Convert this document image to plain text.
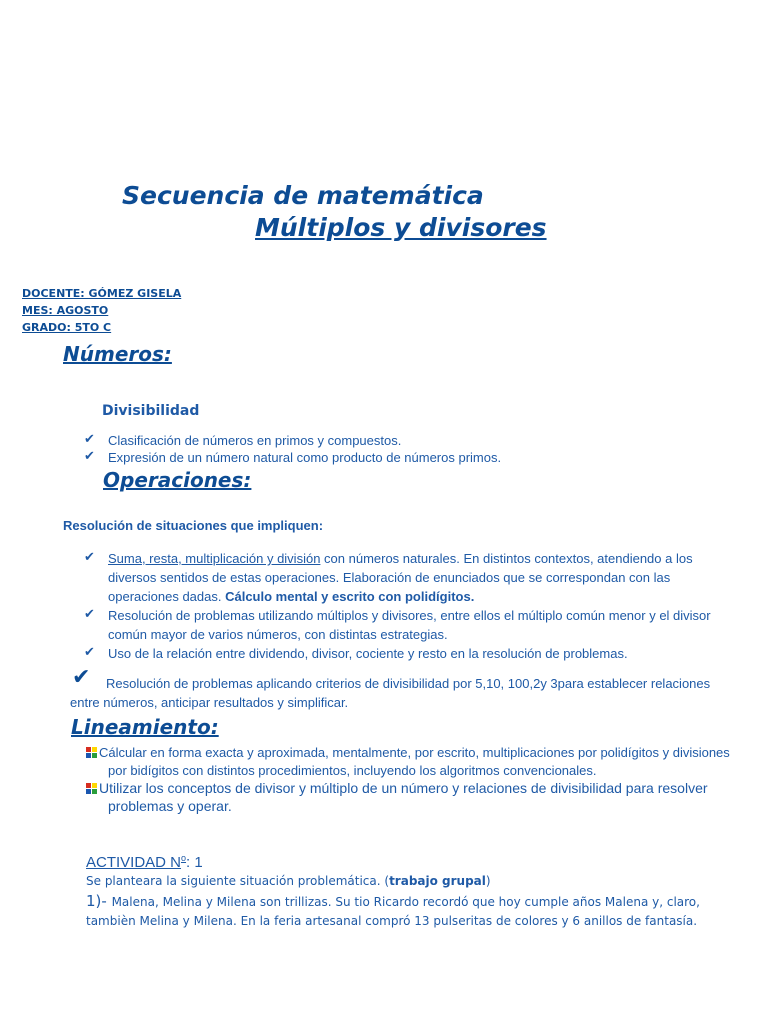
Secuencia de matemática
Múltiplos y divisores
DOCENTE: GÓMEZ GISELA
MES: AGOSTO
GRADO: 5TO C
Números:
Divisibilidad
✔ Clasificación de números en primos y compuestos.
✔ Expresión de un número natural como producto de números primos.
Operaciones:
Resolución de situaciones que impliquen:
✔ Suma, resta, multiplicación y división con números naturales. En distintos contextos, atendiendo a los diversos sentidos de estas operaciones. Elaboración de enunciados que se correspondan con las operaciones dadas. Cálculo mental y escrito con polidígitos.
✔ Resolución de problemas utilizando múltiplos y divisores, entre ellos el múltiplo común menor y el divisor común mayor de varios números, con distintas estrategias.
✔ Uso de la relación entre dividendo, divisor, cociente y resto en la resolución de problemas.
✔	Resolución de problemas aplicando criterios de divisibilidad por 5,10, 100,2y 3para establecer relaciones entre números, anticipar resultados y simplificar.
Lineamiento:
Cálcular en forma exacta y aproximada, mentalmente, por escrito, multiplicaciones por polidígitos y divisiones por bidígitos con distintos procedimientos, incluyendo los algoritmos convencionales.
Utilizar los conceptos de divisor y múltiplo de un número y relaciones de divisibilidad para resolver problemas y operar.
ACTIVIDAD $N^o$: 1
Se planteara la siguiente situación problemática. (trabajo grupal)
1)- Malena, Melina y Milena son trillizas. Su tio Ricardo recordó que hoy cumple años Malena y, claro, tambièn Melina y Milena. En la feria artesanal compró 13 pulseritas de colores y 6 anillos de fantasía.
